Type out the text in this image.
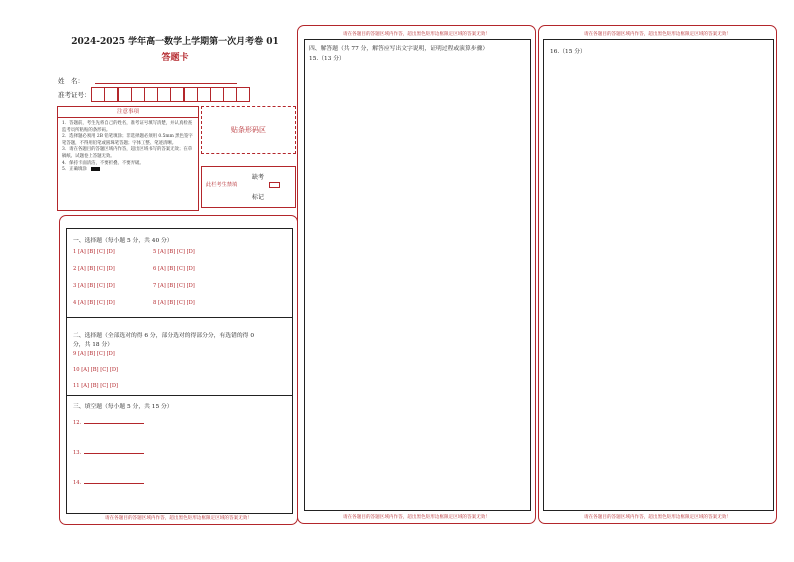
2024-2025 学年高一数学上学期第一次月考卷 01
答题卡
姓　名：
准考证号：
注意事项
1．答题前，考生先将自己的姓名，准考证号填写清楚，并认真检查监考员所粘贴的条形码。
2．选择题必须用 2B 铅笔填涂；非选择题必须用 0.5mm 黑色签字笔答题，不得用铅笔或圆珠笔答题；字体工整、笔迹清晰。
3．请在各题目的答题区域内作答，超出区域书写的答案无效；在草稿纸、试题卷上答题无效。
4．保持卡面清洁，不要折叠、不要弄破。
5．正确填涂
贴条形码区
此栏考生禁填
缺考
标记
一、选择题（每小题 5 分，共 40 分）
1 [A] [B] [C] [D]	5 [A] [B] [C] [D]
2 [A] [B] [C] [D]	6 [A] [B] [C] [D]
3 [A] [B] [C] [D]	7 [A] [B] [C] [D]
4 [A] [B] [C] [D]	8 [A] [B] [C] [D]
二、选择题（全部选对的得 6 分，部分选对的得部分分，有选错的得 0
分，共 18 分）
9 [A] [B] [C] [D]
10 [A] [B] [C] [D]
11 [A] [B] [C] [D]
三、填空题（每小题 5 分，共 15 分）
12.
13.
14.
请在各题目的答题区域内作答，超出黑色矩形边框限定区域的答案无效！
请在各题目的答题区域内作答，超出黑色矩形边框限定区域的答案无效！
四、解答题（共 77 分，解答应写出文字说明，证明过程或演算步骤）
15.（13 分）
请在各题目的答题区域内作答，超出黑色矩形边框限定区域的答案无效！
请在各题目的答题区域内作答，超出黑色矩形边框限定区域的答案无效！
16.（15 分）
请在各题目的答题区域内作答，超出黑色矩形边框限定区域的答案无效！
